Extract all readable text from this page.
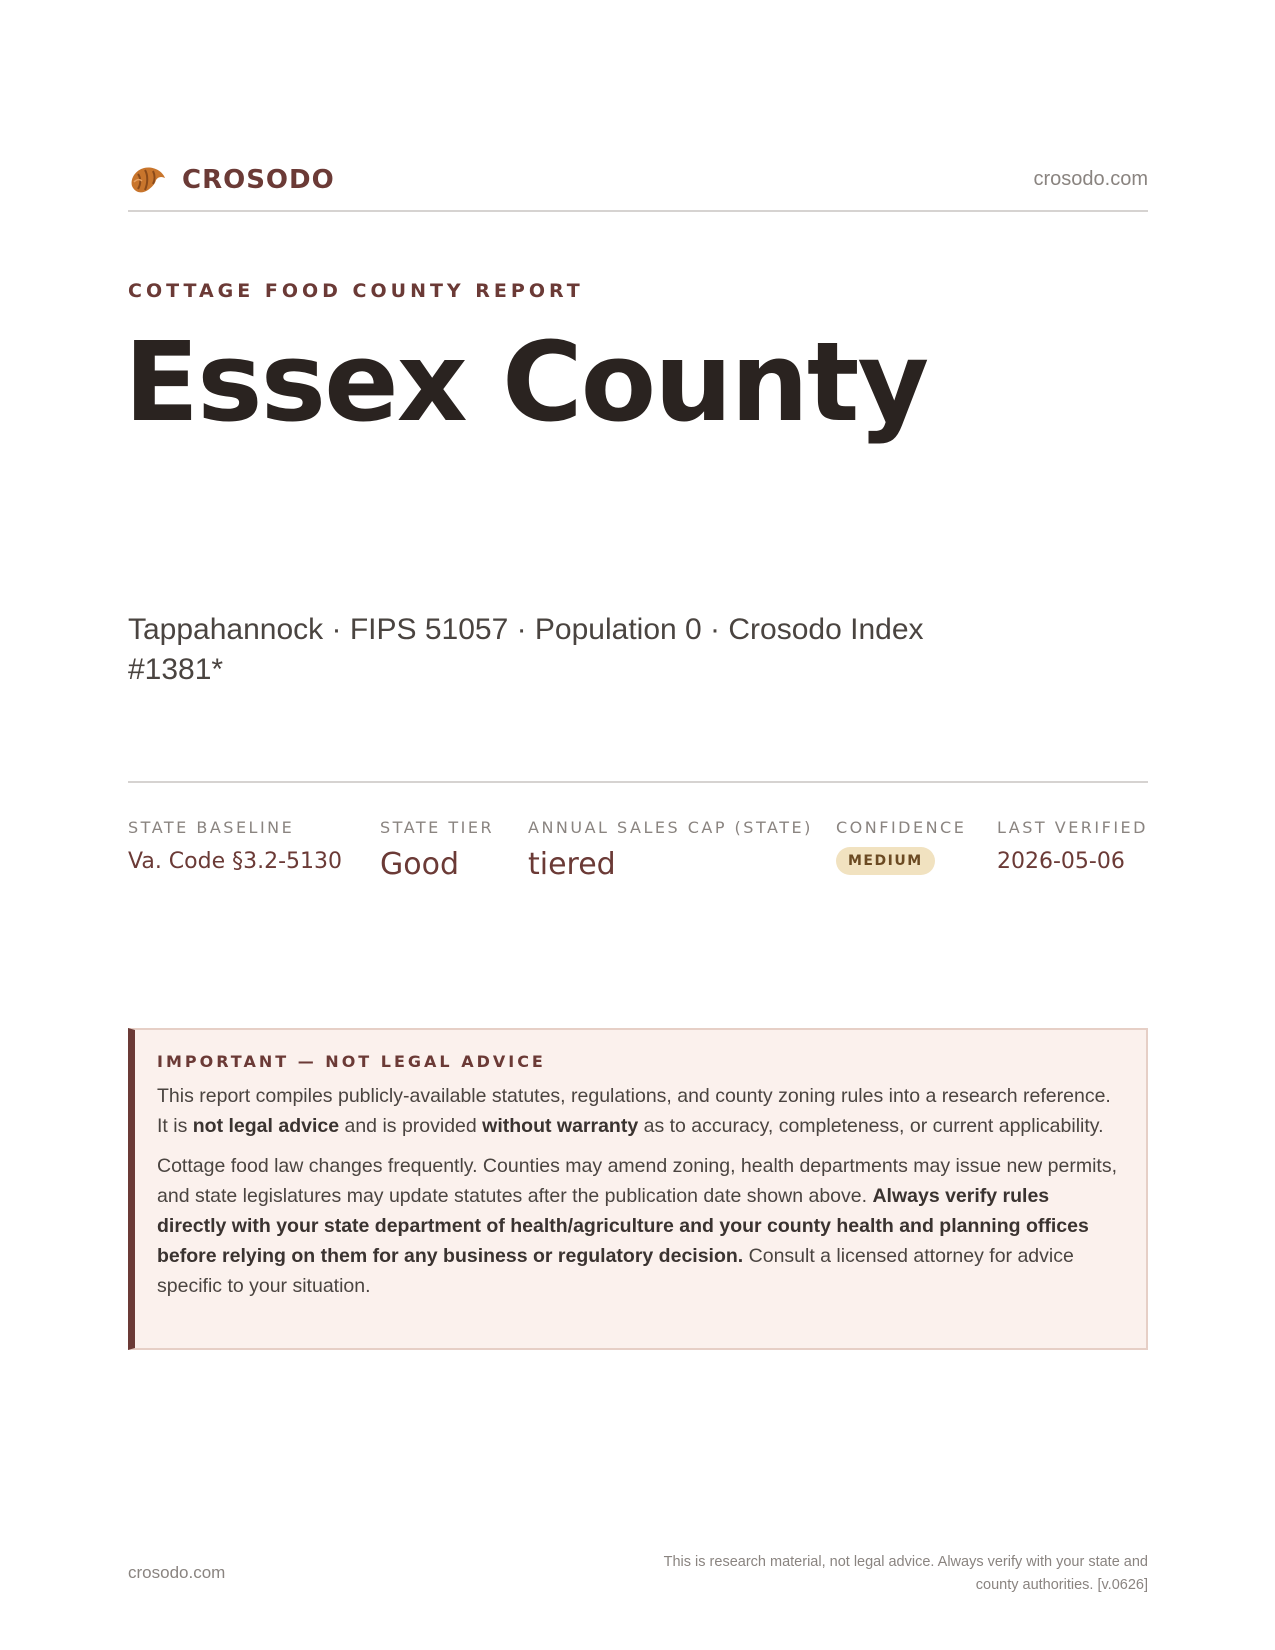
CROSODO	crosodo.com
COTTAGE FOOD COUNTY REPORT
Essex County
Tappahannock · FIPS 51057 · Population 0 · Crosodo Index #1381*
STATE BASELINE
Va. Code §3.2-5130
STATE TIER
Good
ANNUAL SALES CAP (STATE)
tiered
CONFIDENCE
MEDIUM
LAST VERIFIED
2026-05-06
IMPORTANT — NOT LEGAL ADVICE

This report compiles publicly-available statutes, regulations, and county zoning rules into a research reference. It is not legal advice and is provided without warranty as to accuracy, completeness, or current applicability.

Cottage food law changes frequently. Counties may amend zoning, health departments may issue new permits, and state legislatures may update statutes after the publication date shown above. Always verify rules directly with your state department of health/agriculture and your county health and planning offices before relying on them for any business or regulatory decision. Consult a licensed attorney for advice specific to your situation.

crosodo.com
This is research material, not legal advice. Always verify with your state and county authorities. [v.0626]
